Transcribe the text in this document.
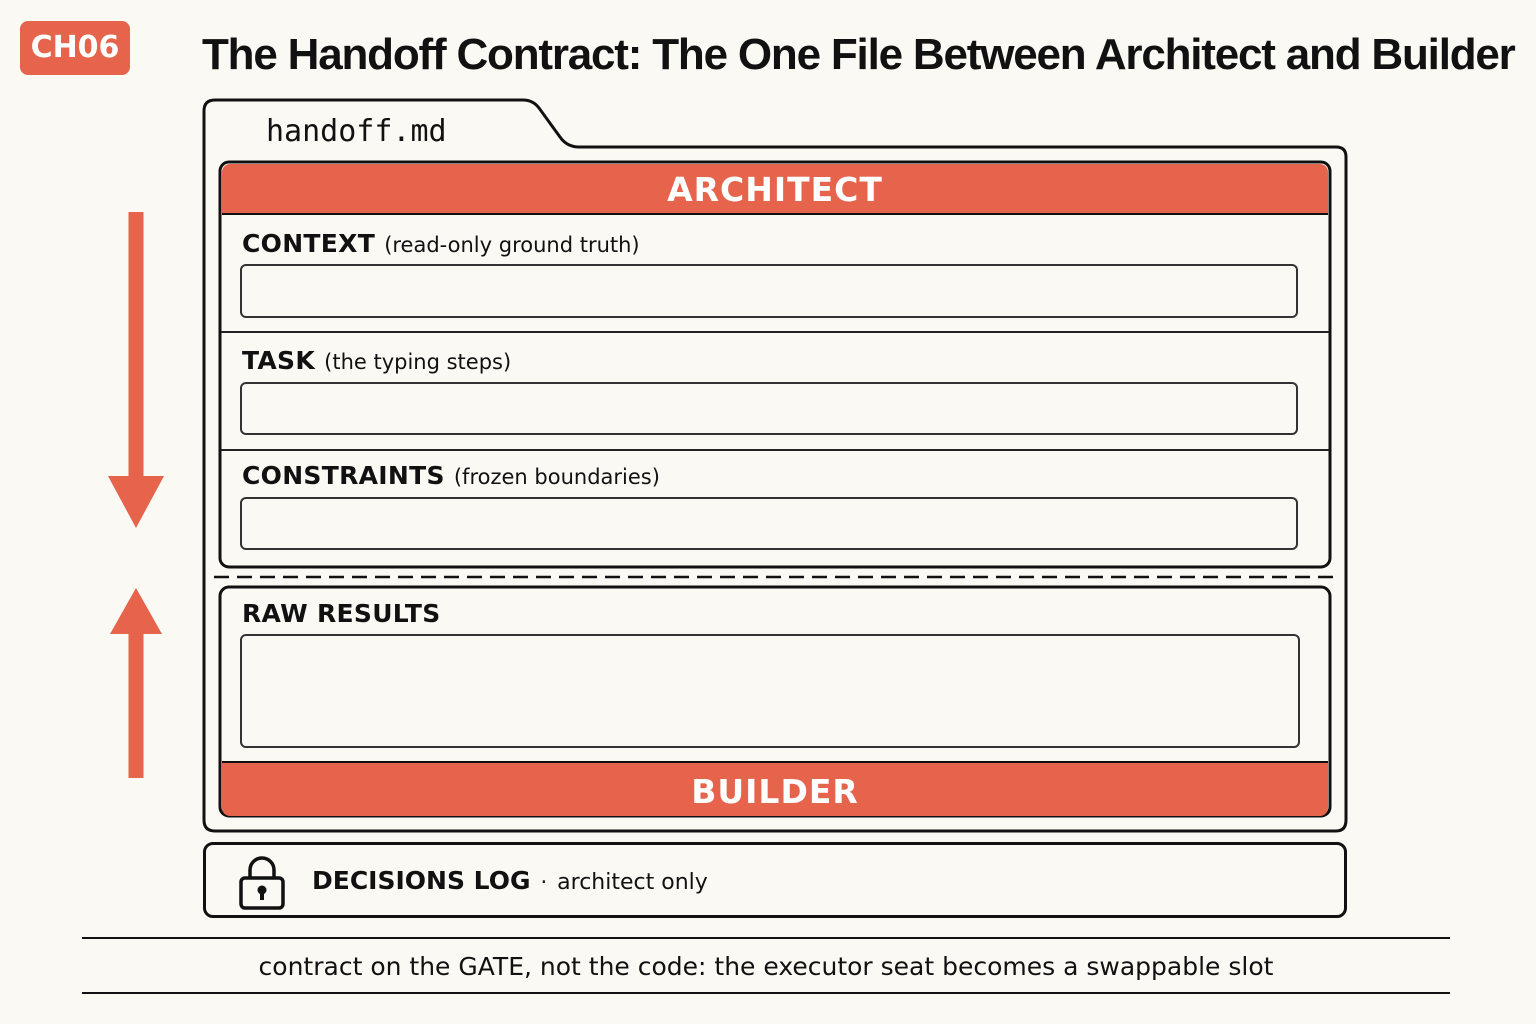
CH06 The Handoff Contract: The One File Between Architect and Builder
handoff.md
ARCHITECT
CONTEXT (read-only ground truth)
TASK (the typing steps)
CONSTRAINTS (frozen boundaries)
RAW RESULTS
BUILDER
DECISIONS LOG · architect only
contract on the GATE, not the code: the executor seat becomes a swappable slot
